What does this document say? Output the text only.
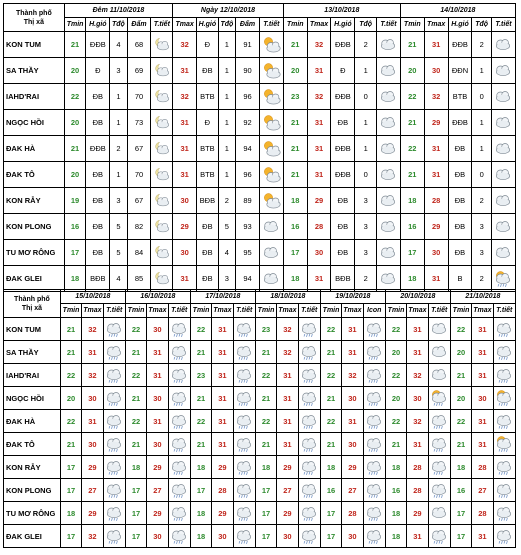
Thành phố
Thị xã	Đêm 11/10/2018					Ngày 12/10/2018					13/10/2018					14/10/2018				
	Tmin	H.gió	Tđộ	Đẩm	T.tiết	Tmax	H.gió	Tđộ	Đẩm	T.tiết	Tmin	Tmax	H.gió	Tđộ	T.tiết	Tmin	Tmax	H.gió	Tđộ	T.tiết
KON TUM	21	ĐĐB	4	68		32	Đ	1	91		21	32	ĐĐB	2		21	31	ĐĐB	2	

SA THẦY	20	Đ	3	69		31	ĐB	1	90		20	31	Đ	1		20	30	ĐĐN	1	

IAHD'RAI	22	ĐB	1	70		32	BTB	1	96		23	32	ĐĐB	0		22	32	BTB	0	

NGỌC HỒI	20	ĐB	1	73		31	Đ	1	92		21	31	ĐB	1		21	29	ĐĐB	1	

ĐAK HÀ	21	ĐĐB	2	67		31	BTB	1	94		21	31	ĐĐB	1		22	31	ĐB	1	

ĐAK TÔ	20	ĐB	1	70		31	BTB	1	96		21	31	ĐĐB	0		21	31	ĐB	0	

KON RẪY	19	ĐB	3	67		30	BĐB	2	89		18	29	ĐB	3		18	28	ĐB	2	

KON PLONG	16	ĐB	5	82		29	ĐB	5	93		16	28	ĐB	3		16	29	ĐB	3	

TU MƠ RÔNG	17	ĐB	5	84		30	ĐB	4	95		17	30	ĐB	3		17	30	ĐB	3	

ĐAK GLEI	18	BĐB	4	85		31	ĐB	3	94		18	31	BĐB	2		18	31	B	2	
Thành phố
Thị xã	15/10/2018			16/10/2018			17/10/2018			18/10/2018			19/10/2018			20/10/2018			21/10/2018		
	Tmin	Tmax	T.tiết	Tmin	Tmax	T.tiết	Tmin	Tmax	T.tiết	Tmin	Tmax	T.tiết	Tmin	Tmax	Icon	Tmin	Tmax	T.tiết	Tmin	Tmax	T.tiết
KON TUM	21	32		22	30		22	31		23	32		22	31		22	31		22	31	

SA THẦY	21	31		21	31		21	31		21	32		21	31		20	31		20	31	

IAHD'RAI	22	32		22	31		23	31		22	31		22	32		22	32		21	31	

NGỌC HỒI	20	30		21	30		21	31		21	31		21	30		20	30		20	30	

ĐAK HÀ	22	31		22	31		22	31		22	31		22	31		22	32		22	31	

ĐAK TÔ	21	30		21	30		21	31		21	31		21	30		21	31		21	31	

KON RẪY	17	29		18	29		18	29		18	29		18	29		18	28		18	28	

KON PLONG	17	27		17	27		17	28		17	27		16	27		16	28		16	27	

TU MƠ RÔNG	18	29		17	29		18	29		17	29		17	28		18	29		17	28	

ĐAK GLEI	17	32		17	30		18	30		17	30		17	30		18	31		17	31	
